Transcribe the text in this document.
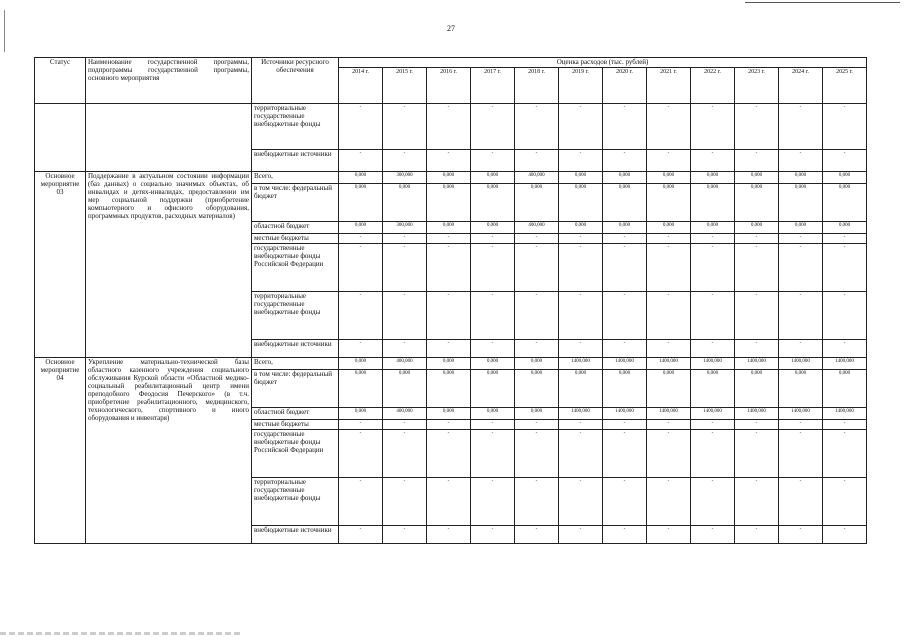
27
Статус	Наименование государственной программы, подпрограммы государственной программы, основного мероприятия	Источники ресурсного обеспечения	Оценка расходов (тыс. рублей)											
			2014 г.	2015 г.	2016 г.	2017 г.	2018 г.	2019 г.	2020 г.	2021 г.	2022 г.	2023 г.	2024 г.	2025 г.
		территориальные государственные внебюджетные фонды	-	-	-	-	-	-	-	-	-	-	-	-
		внебюджетные источники	-	-	-	-	-	-	-	-	-	-	-	-
Основное мероприятие 03	Поддержание в актуальном состоянии информации (баз данных) о социально значимых объектах, об инвалидах и детях-инвалидах, предоставлении им мер социальной поддержки (приобретение компьютерного и офисного оборудования, программных продуктов, расходных материалов)	Всего,	0,000	300,000	0,000	0,000	400,000	0,000	0,000	0,000	0,000	0,000	0,000	0,000
		в том числе: федеральный бюджет	0,000	0,000	0,000	0,000	0,000	0,000	0,000	0,000	0,000	0,000	0,000	0,000
		областной бюджет	0,000	300,000	0,000	0,000	400,000	0,000	0,000	0,000	0,000	0,000	0,000	0,000
		местные бюджеты	-	-	-	-	-	-	-	-	-	-	-	-
		государственные внебюджетные фонды Российской Федерации	-	-	-	-	-	-	-	-	-	-	-	-
		территориальные государственные внебюджетные фонды	-	-	-	-	-	-	-	-	-	-	-	-
		внебюджетные источники	-	-	-	-	-	-	-	-	-	-	-	-
Основное мероприятие 04	Укрепление материально-технической базы областного казенного учреждения социального обслуживания Курской области «Областной медико-социальный реабилитационный центр имени преподобного Феодосия Печерского» (в т.ч. приобретение реабилитационного, медицинского, технологического, спортивного и иного оборудования и инвентаря)	Всего,	0,000	400,000	0,000	0,000	0,000	1400,000	1400,000	1400,000	1400,000	1400,000	1400,000	1400,000
		в том числе: федеральный бюджет	0,000	0,000	0,000	0,000	0,000	0,000	0,000	0,000	0,000	0,000	0,000	0,000
		областной бюджет	0,000	400,000	0,000	0,000	0,000	1400,000	1400,000	1400,000	1400,000	1400,000	1400,000	1400,000
		местные бюджеты	-	-	-	-	-	-	-	-	-	-	-	-
		государственные внебюджетные фонды Российской Федерации	-	-	-	-	-	-	-	-	-	-	-	-
		территориальные государственные внебюджетные фонды	-	-	-	-	-	-	-	-	-	-	-	-
		внебюджетные источники	-	-	-	-	-	-	-	-	-	-	-	-
